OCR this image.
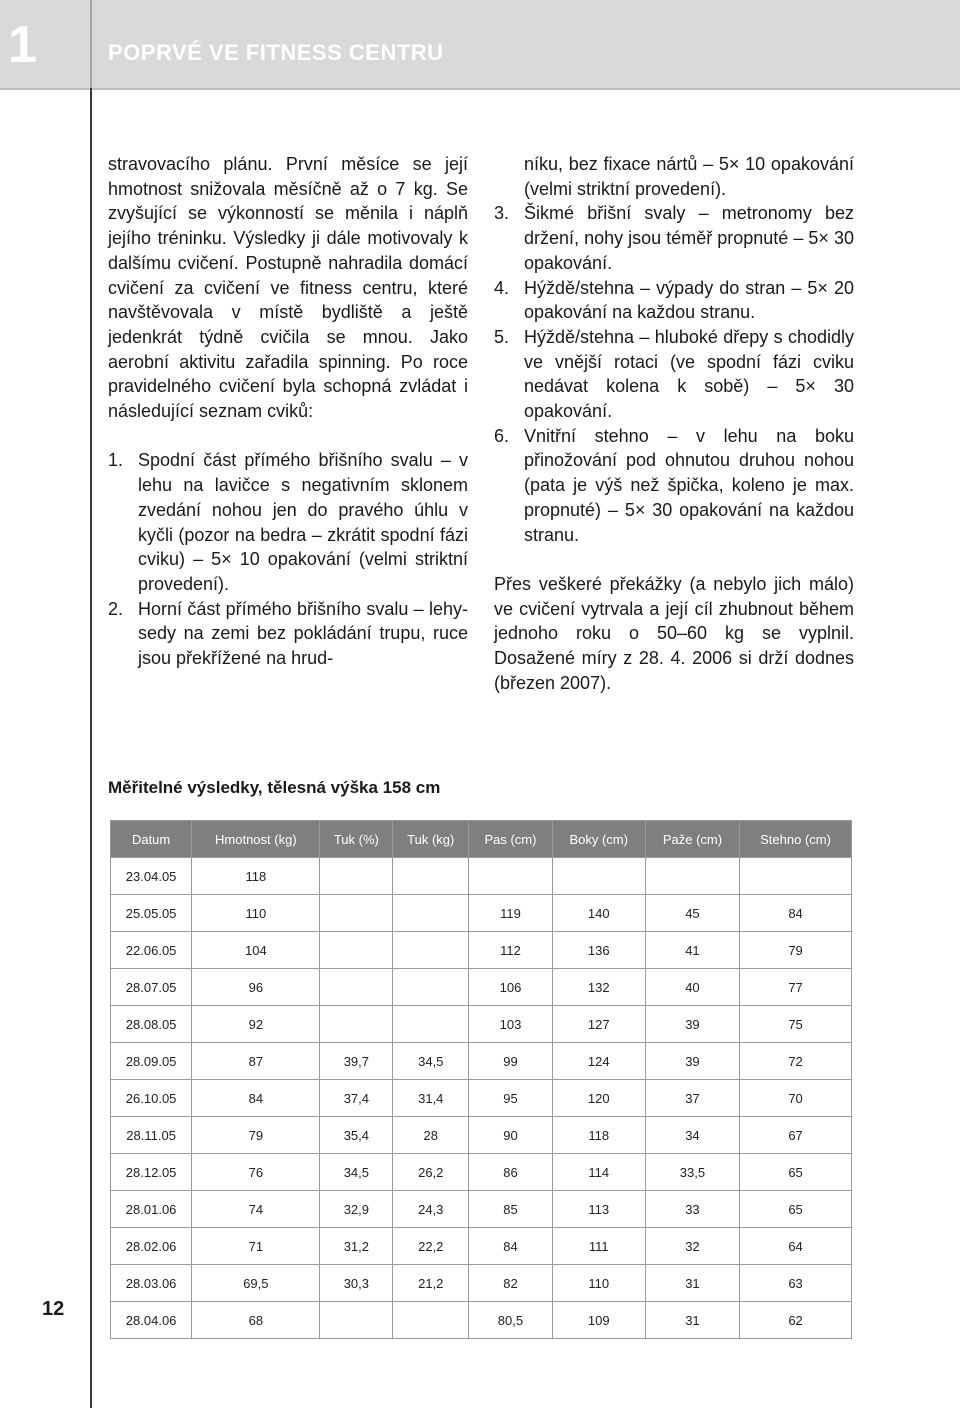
1	POPRVÉ VE FITNESS CENTRU

stravovacího plánu. První měsíce se její hmotnost snižovala měsíčně až o 7 kg. Se zvyšující se výkonností se měnila i náplň jejího tréninku. Výsledky ji dále motivovaly k dalšímu cvičení. Postupně nahradila domácí cvičení za cvičení ve fitness centru, které navštěvovala v místě bydliště a ještě jedenkrát týdně cvičila se mnou. Jako aerobní aktivitu zařadila spinning. Po roce pravidelného cvičení byla schopná zvládat i následující seznam cviků:

1. Spodní část přímého břišního svalu – v lehu na lavičce s negativním sklonem zvedání nohou jen do pravého úhlu v kyčli (pozor na bedra – zkrátit spodní fázi cviku) – 5× 10 opakování (velmi striktní provedení).
2. Horní část přímého břišního svalu – lehy-sedy na zemi bez pokládání trupu, ruce jsou překřížené na hrud-
níku, bez fixace nártů – 5× 10 opakování (velmi striktní provedení).
3. Šikmé břišní svaly – metronomy bez držení, nohy jsou téměř propnuté – 5× 30 opakování.
4. Hýždě/stehna – výpady do stran – 5× 20 opakování na každou stranu.
5. Hýždě/stehna – hluboké dřepy s chodidly ve vnější rotaci (ve spodní fázi cviku nedávat kolena k sobě) – 5× 30 opakování.
6. Vnitřní stehno – v lehu na boku přinožování pod ohnutou druhou nohou (pata je výš než špička, koleno je max. propnuté) – 5× 30 opakování na každou stranu.

Přes veškeré překážky (a nebylo jich málo) ve cvičení vytrvala a její cíl zhubnout během jednoho roku o 50–60 kg se vyplnil. Dosažené míry z 28. 4. 2006 si drží dodnes (březen 2007).

Měřitelné výsledky, tělesná výška 158 cm
Datum	Hmotnost (kg)	Tuk (%)	Tuk (kg)	Pas (cm)	Boky (cm)	Paže (cm)	Stehno (cm)
23.04.05	118						
25.05.05	110			119	140	45	84
22.06.05	104			112	136	41	79
28.07.05	96			106	132	40	77
28.08.05	92			103	127	39	75
28.09.05	87	39,7	34,5	99	124	39	72
26.10.05	84	37,4	31,4	95	120	37	70
28.11.05	79	35,4	28	90	118	34	67
28.12.05	76	34,5	26,2	86	114	33,5	65
28.01.06	74	32,9	24,3	85	113	33	65
28.02.06	71	31,2	22,2	84	111	32	64
28.03.06	69,5	30,3	21,2	82	110	31	63
28.04.06	68			80,5	109	31	62
12
